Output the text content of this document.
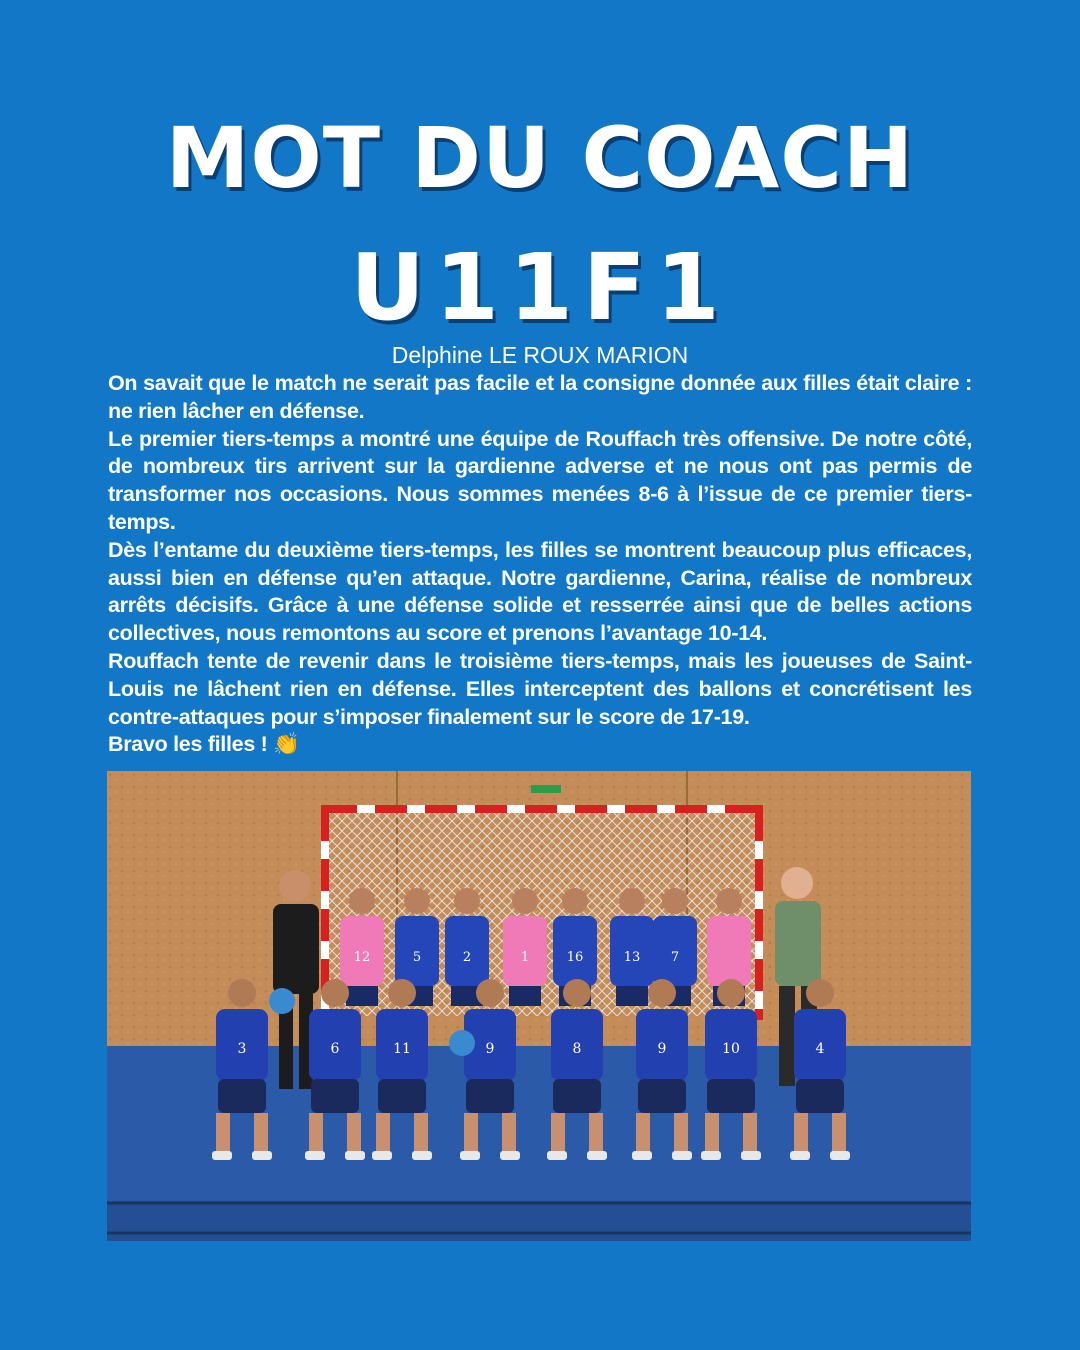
MOT DU COACH
U11F1
Delphine LE ROUX MARION

On savait que le match ne serait pas facile et la consigne donnée aux filles était claire : ne rien lâcher en défense.

Le premier tiers-temps a montré une équipe de Rouffach très offensive. De notre côté, de nombreux tirs arrivent sur la gardienne adverse et ne nous ont pas permis de transformer nos occasions. Nous sommes menées 8-6 à l’issue de ce premier tiers-temps.

Dès l’entame du deuxième tiers-temps, les filles se montrent beaucoup plus efficaces, aussi bien en défense qu’en attaque. Notre gardienne, Carina, réalise de nombreux arrêts décisifs. Grâce à une défense solide et resserrée ainsi que de belles actions collectives, nous remontons au score et prenons l’avantage 10-14.

Rouffach tente de revenir dans le troisième tiers-temps, mais les joueuses de Saint-Louis ne lâchent rien en défense. Elles interceptent des ballons et concrétisent les contre-attaques pour s’imposer finalement sur le score de 17-19.

Bravo les filles ! 👏

12	5	2	1	16	13 7
3	6	11	9	8	9	10	4
